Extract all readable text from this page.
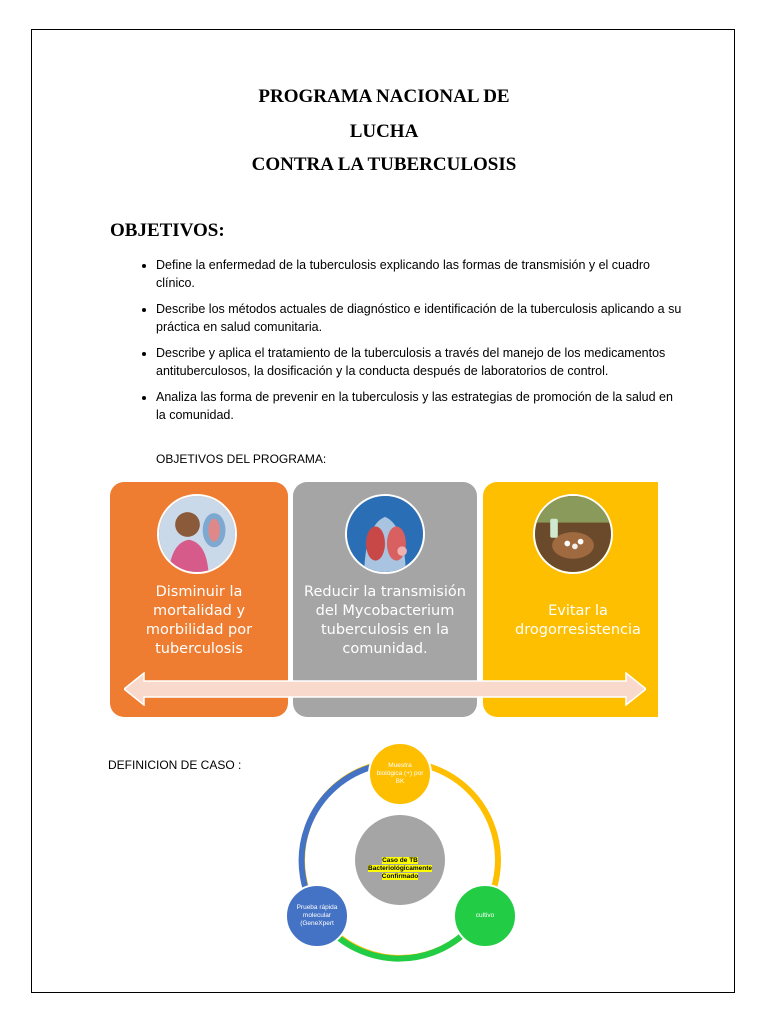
PROGRAMA NACIONAL DE
LUCHA
CONTRA LA TUBERCULOSIS
OBJETIVOS:
• Define la enfermedad de la tuberculosis explicando las formas de transmisión y el cuadro clínico.
• Describe los métodos actuales de diagnóstico e identificación de la tuberculosis aplicando a su práctica en salud comunitaria.
• Describe y aplica el tratamiento de la tuberculosis a través del manejo de los medicamentos antituberculosos, la dosificación y la conducta después de laboratorios de control.
• Analiza las forma de prevenir en la tuberculosis y las estrategias de promoción de la salud en la comunidad.
OBJETIVOS DEL PROGRAMA:
Disminuir la mortalidad y morbilidad por tuberculosis
Reducir la transmisión del Mycobacterium tuberculosis en la comunidad.
Evitar la drogorresistencia
DEFINICION DE CASO :
Caso de TB Bacteriológicamente Confirmado
Muestra biológica (+) por BK
cultivo
Prueba rápida molecular (GeneXpert
